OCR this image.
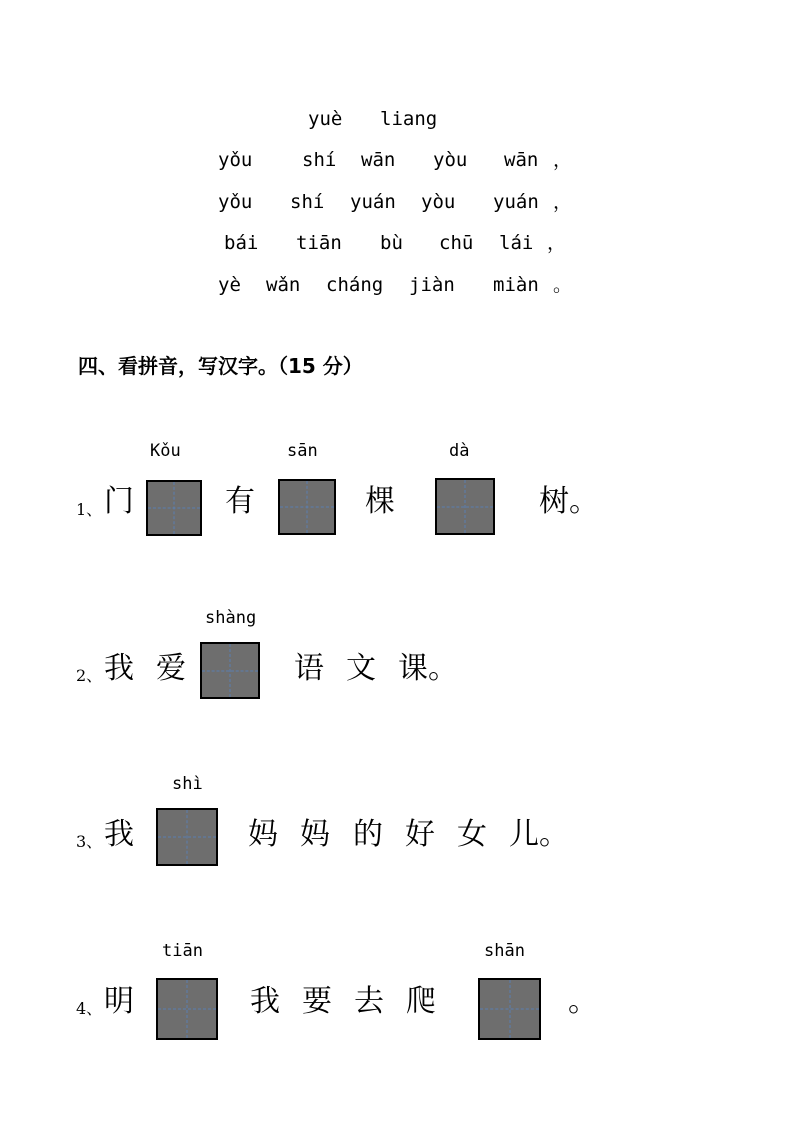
yuè liang
yǒu	shí wān yòu wān ，
yǒu shí yuán yòu yuán ，
bái tiān bù chū lái ，
yè wǎn cháng jiàn miàn 。
四、看拼音，写汉字。（15 分）
Kǒu	sān	dà
1、 门	有	棵	树。
shàng
2、 我 爱	语 文 课。
shì
3、 我	妈 妈 的 好 女 儿。
tiān	shān
4、 明	我 要 去 爬	。
